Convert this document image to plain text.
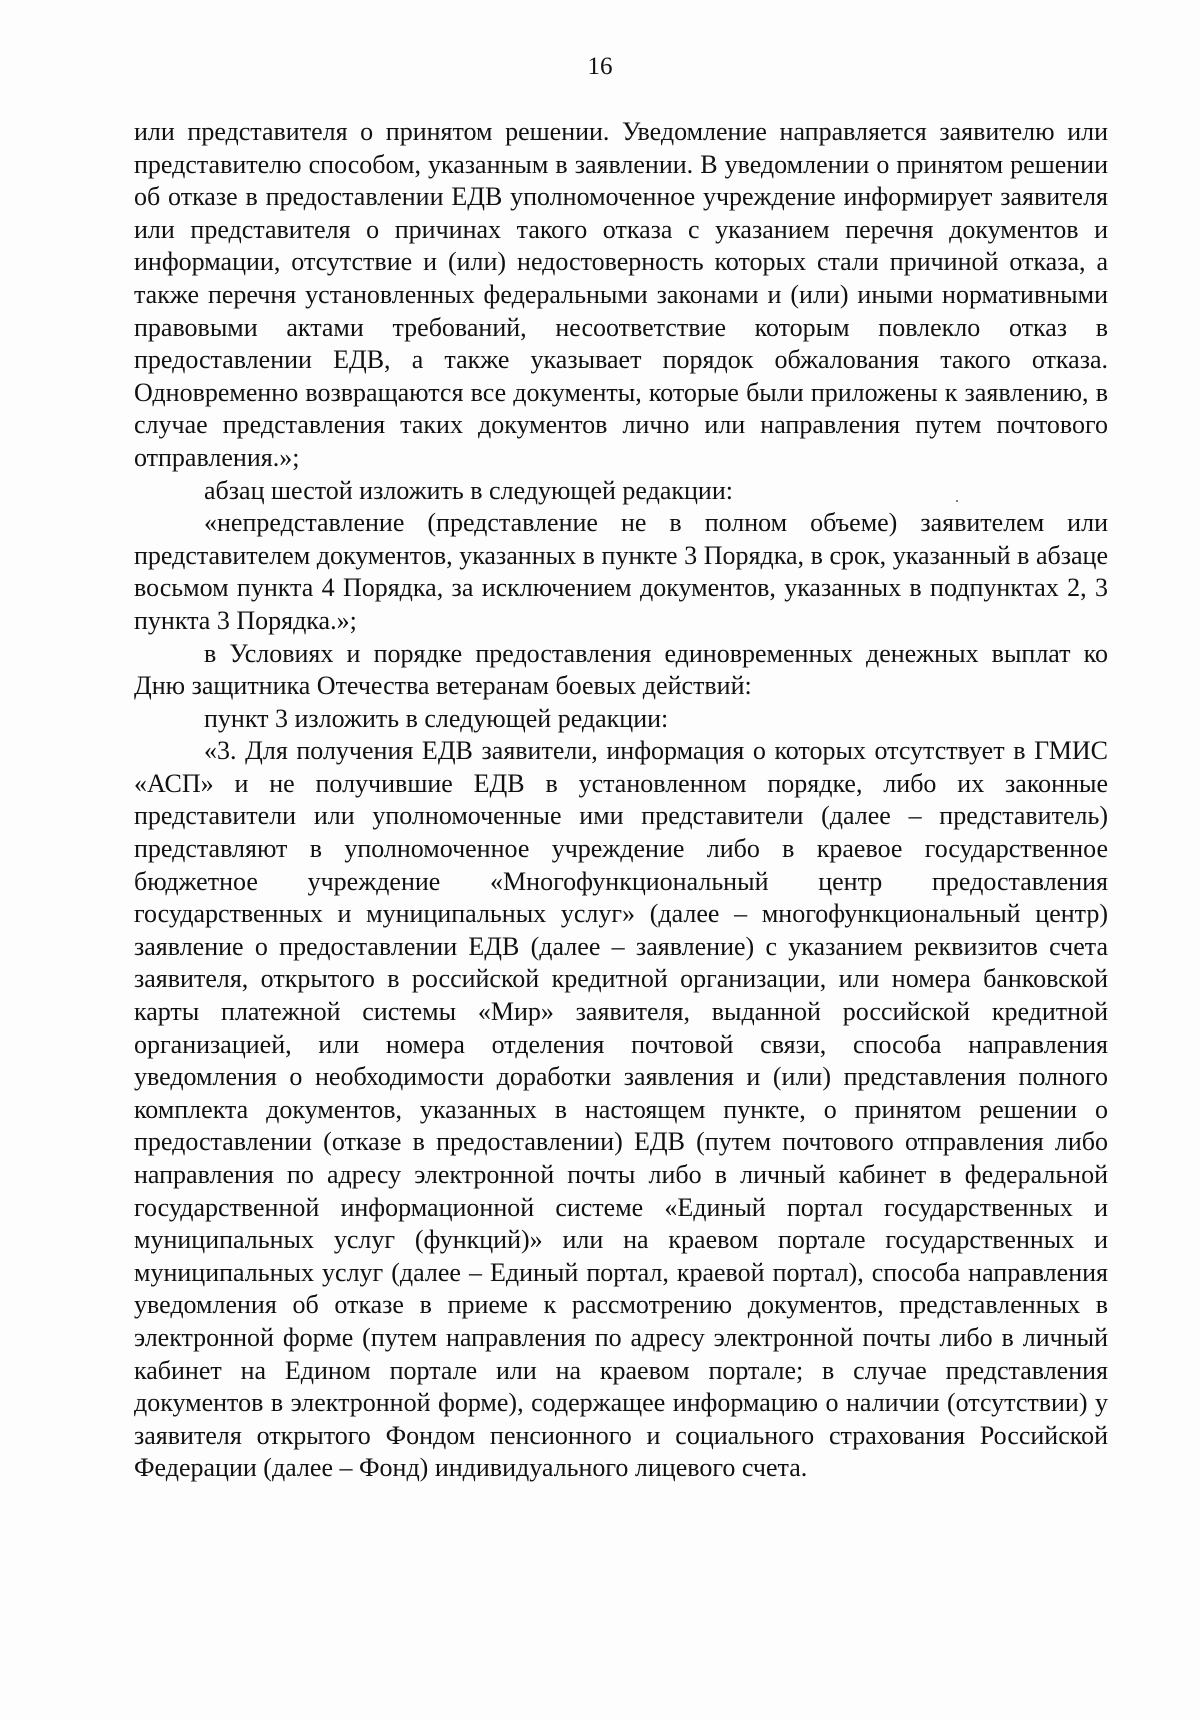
16

или представителя о принятом решении. Уведомление направляется заявителю или представителю способом, указанным в заявлении. В уведомлении о принятом решении об отказе в предоставлении ЕДВ уполномоченное учреждение информирует заявителя или представителя о причинах такого отказа с указанием перечня документов и информации, отсутствие и (или) недостоверность которых стали причиной отказа, а также перечня установленных федеральными законами и (или) иными нормативными правовыми актами требований, несоответствие которым повлекло отказ в предоставлении ЕДВ, а также указывает порядок обжалования такого отказа. Одновременно возвращаются все документы, которые были приложены к заявлению, в случае представления таких документов лично или направления путем почтового отправления.»;

абзац шестой изложить в следующей редакции:

«непредставление (представление не в полном объеме) заявителем или представителем документов, указанных в пункте 3 Порядка, в срок, указанный в абзаце восьмом пункта 4 Порядка, за исключением документов, указанных в подпунктах 2, 3 пункта 3 Порядка.»;

в Условиях и порядке предоставления единовременных денежных выплат ко Дню защитника Отечества ветеранам боевых действий:

пункт 3 изложить в следующей редакции:

«3. Для получения ЕДВ заявители, информация о которых отсутствует в ГМИС «АСП» и не получившие ЕДВ в установленном порядке, либо их законные представители или уполномоченные ими представители (далее – представитель) представляют в уполномоченное учреждение либо в краевое государственное бюджетное учреждение «Многофункциональный центр предоставления государственных и муниципальных услуг» (далее – многофункциональный центр) заявление о предоставлении ЕДВ (далее – заявление) с указанием реквизитов счета заявителя, открытого в российской кредитной организации, или номера банковской карты платежной системы «Мир» заявителя, выданной российской кредитной организацией, или номера отделения почтовой связи, способа направления уведомления о необходимости доработки заявления и (или) представления полного комплекта документов, указанных в настоящем пункте, о принятом решении о предоставлении (отказе в предоставлении) ЕДВ (путем почтового отправления либо направления по адресу электронной почты либо в личный кабинет в федеральной государственной информационной системе «Единый портал государственных и муниципальных услуг (функций)» или на краевом портале государственных и муниципальных услуг (далее – Единый портал, краевой портал), способа направления уведомления об отказе в приеме к рассмотрению документов, представленных в электронной форме (путем направления по адресу электронной почты либо в личный кабинет на Едином портале или на краевом портале; в случае представления документов в электронной форме), содержащее информацию о наличии (отсутствии) у заявителя открытого Фондом пенсионного и социального страхования Российской Федерации (далее – Фонд) индивидуального лицевого счета.
